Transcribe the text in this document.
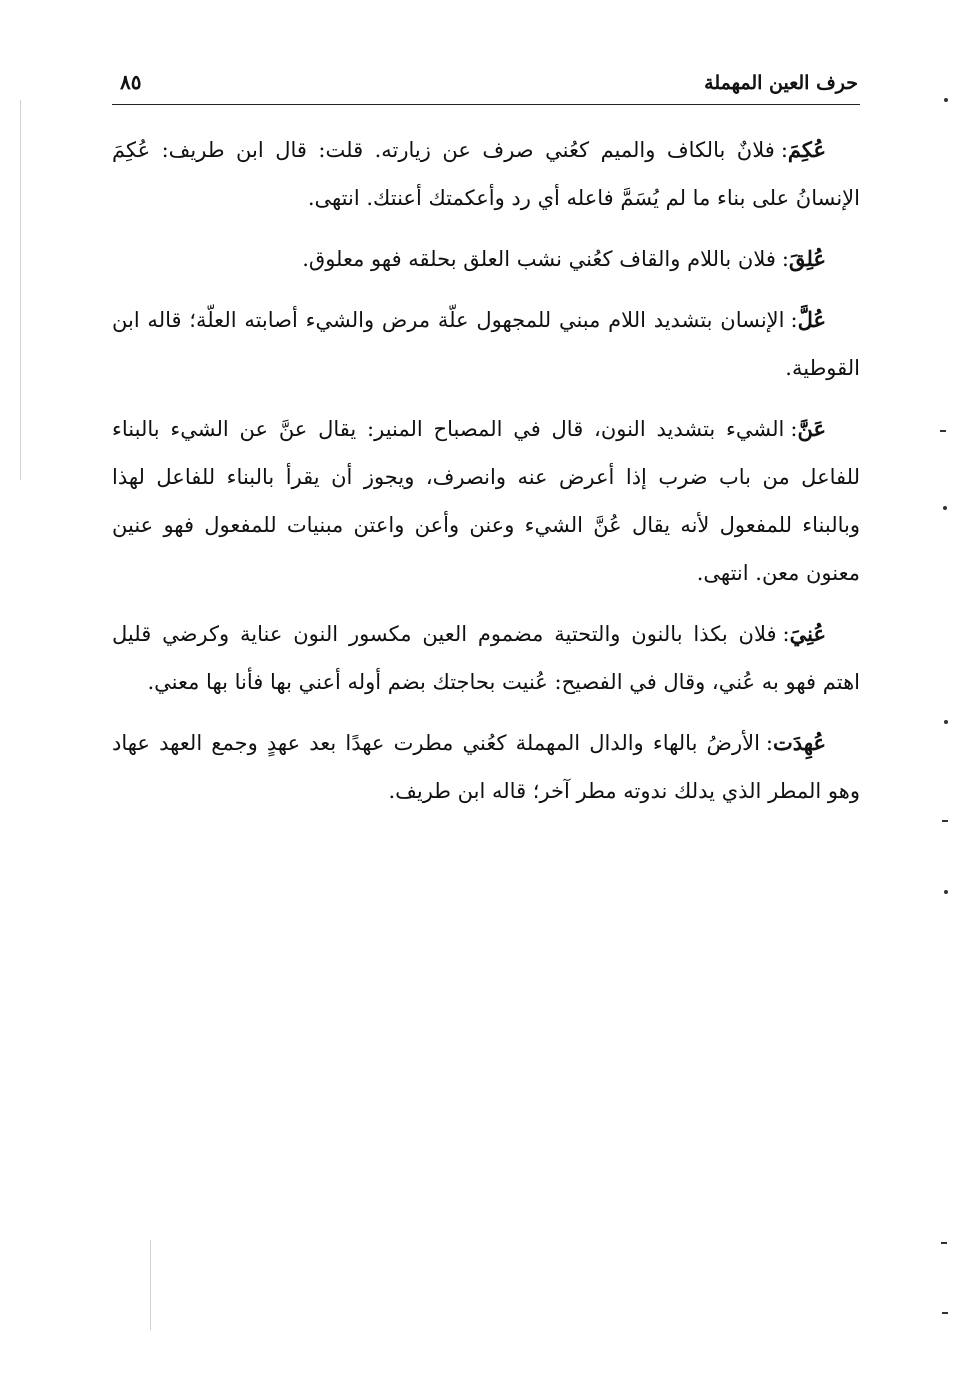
٨٥	حرف العين المهملة

عُكِمَ:فلانٌ بالكاف والميم كعُني صرف عن زيارته. قلت: قال ابن طريف: عُكِمَ الإنسانُ على بناء ما لم يُسَمَّ فاعله أي رد وأعكمتك أعنتك. انتهى.

عُلِقَ:فلان باللام والقاف كعُني نشب العلق بحلقه فهو معلوق.

عُلَّ:الإنسان بتشديد اللام مبني للمجهول علّة مرض والشيء أصابته العلّة؛ قاله ابن القوطية.

عَنَّ:الشيء بتشديد النون، قال في المصباح المنير: يقال عنَّ عن الشيء بالبناء للفاعل من باب ضرب إذا أعرض عنه وانصرف، ويجوز أن يقرأ بالبناء للفاعل لهذا وبالبناء للمفعول لأنه يقال عُنَّ الشيء وعنن وأعن واعتن مبنيات للمفعول فهو عنين معنون معن. انتهى.

عُنِيَ:فلان بكذا بالنون والتحتية مضموم العين مكسور النون عناية وكرضي قليل اهتم فهو به عُني، وقال في الفصيح: عُنيت بحاجتك بضم أوله أعني بها فأنا بها معني.

عُهِدَت:الأرضُ بالهاء والدال المهملة كعُني مطرت عهدًا بعد عهدٍ وجمع العهد عهاد وهو المطر الذي يدلك ندوته مطر آخر؛ قاله ابن طريف.
